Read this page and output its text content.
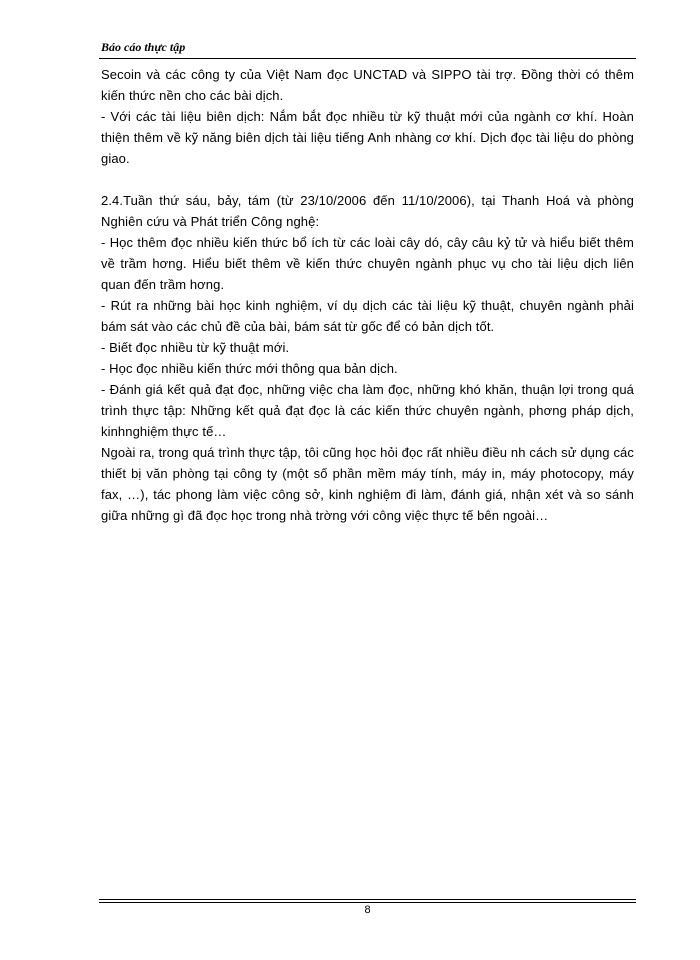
Báo cáo thực tập

Secoin và các công ty của Việt Nam đọc UNCTAD và SIPPO tài trợ. Đồng thời có thêm kiến thức nền cho các bài dịch.

- Với các tài liệu biên dịch: Nắm bắt đọc nhiều từ kỹ thuật mới của ngành cơ khí. Hoàn thiện thêm về kỹ năng biên dịch tài liệu tiếng Anh nhàng cơ khí. Dịch đọc tài liệu do phòng giao.

2.4.Tuần thứ sáu, bảy, tám (từ 23/10/2006 đến 11/10/2006), tại Thanh Hoá và phòng Nghiên cứu và Phát triển Công nghệ:

- Học thêm đọc nhiều kiến thức bổ ích từ các loài cây dó, cây câu kỷ tử và hiểu biết thêm về trầm hơng. Hiểu biết thêm về kiến thức chuyên ngành phục vụ cho tài liệu dịch liên quan đến trầm hơng.

- Rút ra những bài học kinh nghiệm, ví dụ dịch các tài liệu kỹ thuật, chuyên ngành phải bám sát vào các chủ đề của bài, bám sát từ gốc để có bản dịch tốt.

- Biết đọc nhiều từ kỹ thuật mới.

- Học đọc nhiều kiến thức mới thông qua bản dịch.

- Đánh giá kết quả đạt đọc, những việc cha làm đọc, những khó khăn, thuận lợi trong quá trình thực tập: Những kết quả đạt đọc là các kiến thức chuyên ngành, phơng pháp dịch, kinhnghiệm thực tế…

Ngoài ra, trong quá trình thực tập, tôi cũng học hỏi đọc rất nhiều điều nh cách sử dụng các thiết bị văn phòng tại công ty (một số phần mềm máy tính, máy in, máy photocopy, máy fax, …), tác phong làm việc công sở, kinh nghiệm đi làm, đánh giá, nhận xét và so sánh giữa những gì đã đọc học trong nhà trờng với công việc thực tế bên ngoài…

8
